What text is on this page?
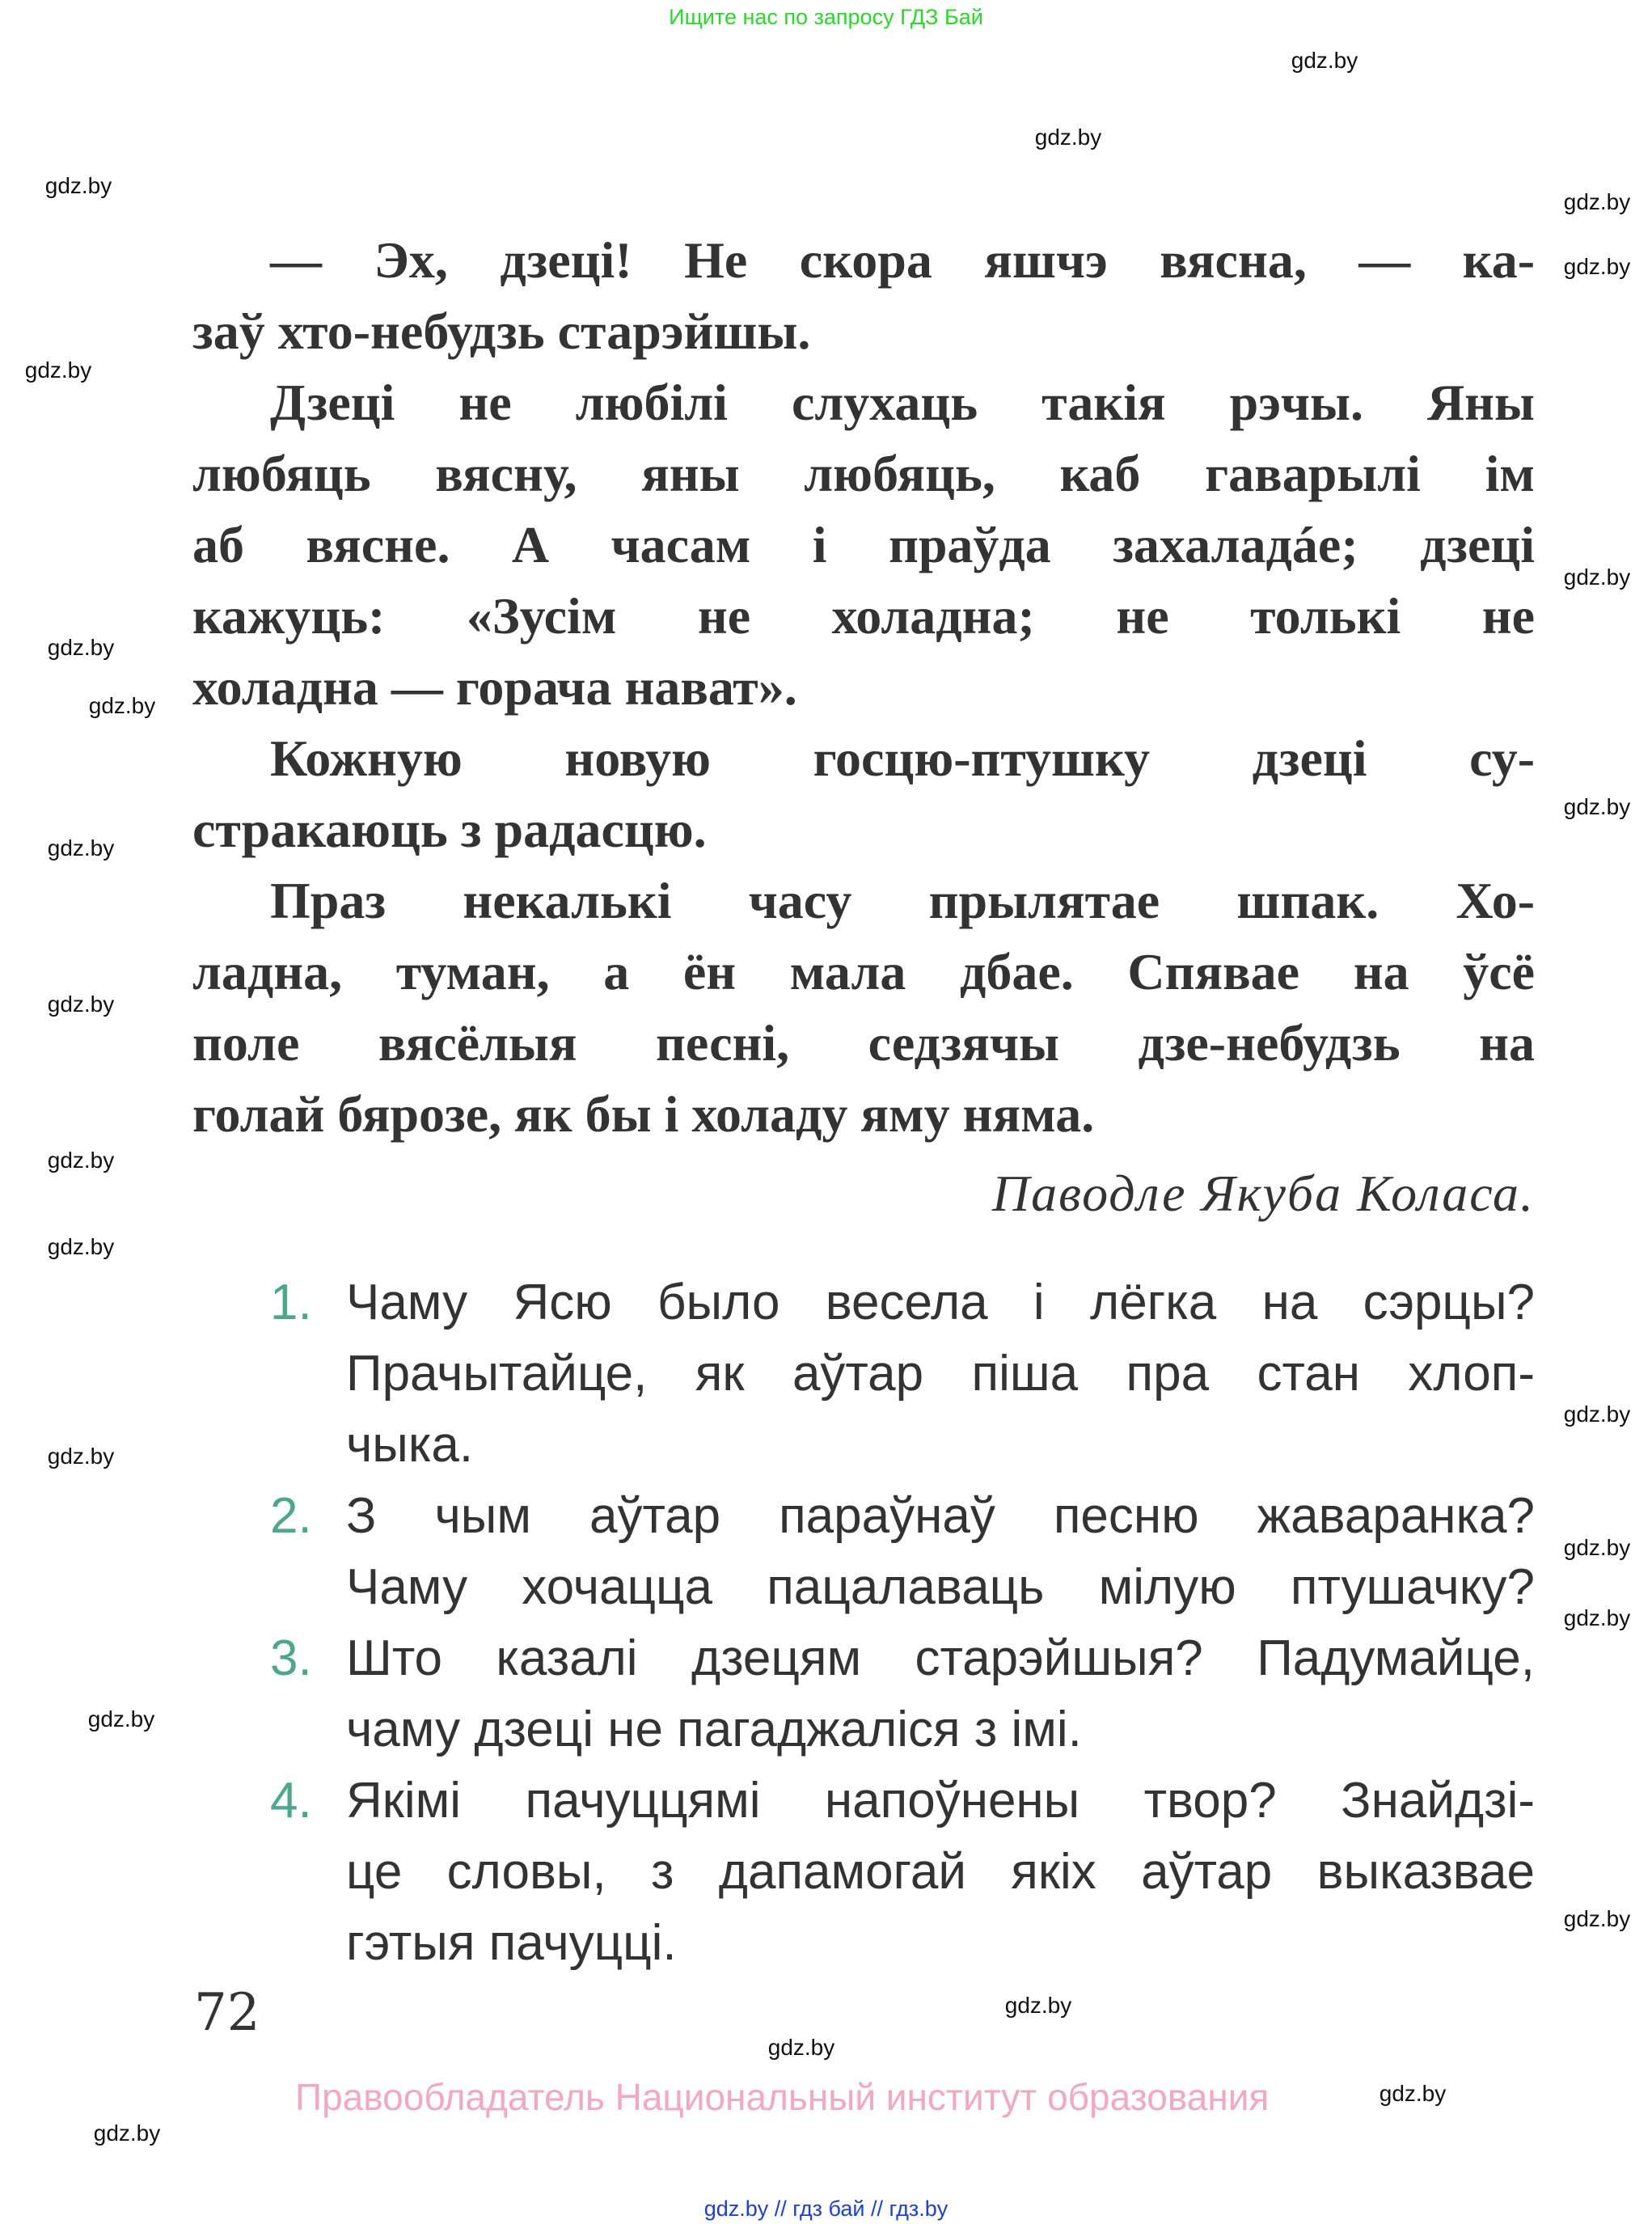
Ищите нас по запросу ГДЗ Бай
— Эх, дзеці! Не скора яшчэ вясна, — ка-
заў хто-небудзь старэйшы.
Дзеці не любілі слухаць такія рэчы. Яны
любяць вясну, яны любяць, каб гаварылі ім
аб вясне. А часам і праўда захаладáе; дзеці
кажуць: «Зусім не холадна; не толькі не
холадна — горача нават».
Кожную новую госцю-птушку дзеці су-
стракаюць з радасцю.
Праз некалькі часу прылятае шпак. Хо-
ладна, туман, а ён мала дбае. Спявае на ўсё
поле вясёлыя песні, седзячы дзе-небудзь на
голай бярозе, як бы і холаду яму няма.
Паводле Якуба Коласа.
1. Чаму Ясю было весела і лёгка на сэрцы?
Прачытайце, як аўтар піша пра стан хлоп-
чыка.
2. З чым аўтар параўнаў песню жаваранка?
Чаму хочацца пацалаваць мілую птушачку?
3. Што казалі дзецям старэйшыя? Падумайце,
чаму дзеці не пагаджаліся з імі.
4. Якімі пачуццямі напоўнены твор? Знайдзі-
це словы, з дапамогай якіх аўтар выказвае
гэтыя пачуцці.
72
Правообладатель Национальный институт образования
gdz.by // гдз бай // гдз.by
gdz.by
gdz.by
gdz.by
gdz.by
gdz.by
gdz.by
gdz.by
gdz.by
gdz.by
gdz.by
gdz.by
gdz.by
gdz.by
gdz.by
gdz.by
gdz.by
gdz.by
gdz.by
gdz.by
gdz.by
gdz.by
gdz.by
gdz.by
gdz.by
